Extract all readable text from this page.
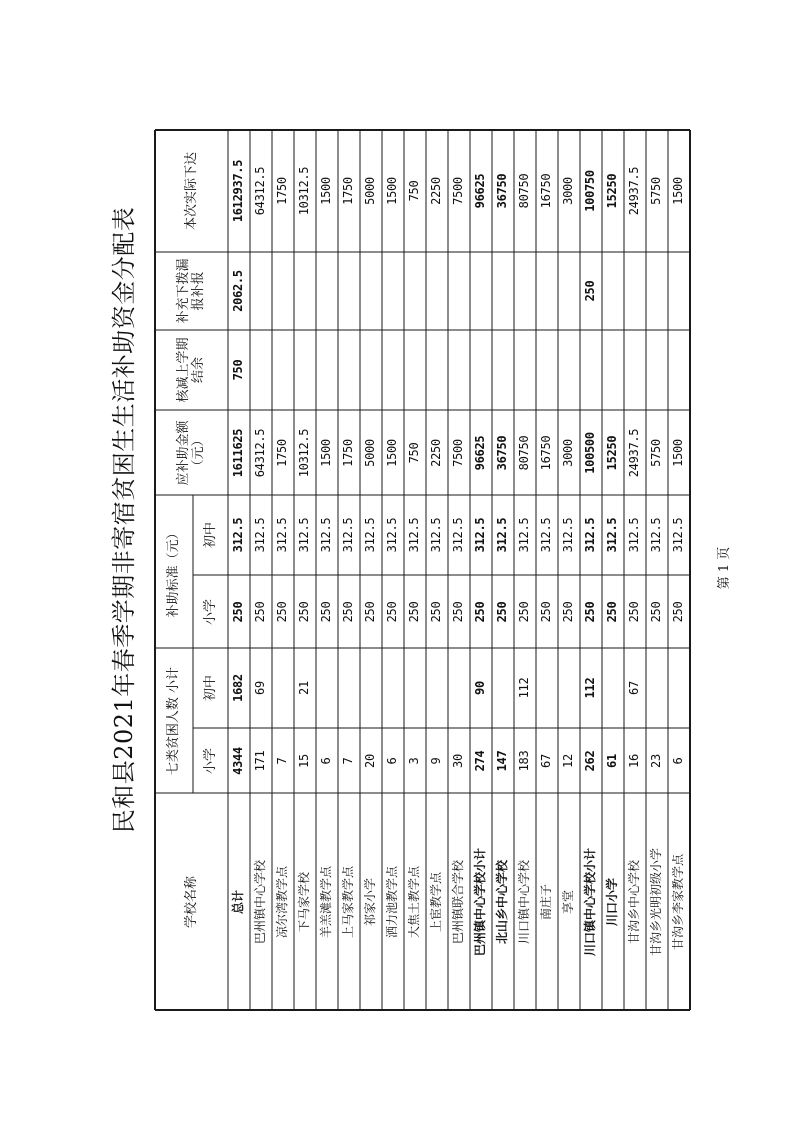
民和县2021年春季学期非寄宿贫困生生活补助资金分配表
学校名称
七类贫困人数 小计	小学
初中
补助标准（元）	小学
初中
应补助金额（元）
核减上学期结余
补充下拨漏报补报
本次实际下达
总计
4344
1682
250
312.5
1611625
750
2062.5
1612937.5
巴州镇中心学校
171
69
250
312.5
64312.5
64312.5
凉尔湾教学点
7
250
312.5
1750
1750
下马家学校
15
21
250
312.5
10312.5
10312.5
羊羔滩教学点
6
250
312.5
1500
1500
上马家教学点
7
250
312.5
1750
1750
祁家小学
20
250
312.5
5000
5000
洒力池教学点
6
250
312.5
1500
1500
大焦土教学点
3
250
312.5
750
750
上宦教学点
9
250
312.5
2250
2250
巴州镇联合学校
30
250
312.5
7500
7500
巴州镇中心学校小计
274
90
250
312.5
96625
96625
北山乡中心学校
147
250
312.5
36750
36750
川口镇中心学校
183
112
250
312.5
80750
80750
南庄子
67
250
312.5
16750
16750
享堂
12
250
312.5
3000
3000
川口镇中心学校小计
262
112
250
312.5
100500
250
100750
川口小学
61
250
312.5
15250
15250
甘沟乡中心学校
16
67
250
312.5
24937.5
24937.5
甘沟乡光明初级小学
23
250
312.5
5750
5750
甘沟乡李家教学点
6
250
312.5
1500
1500
第 1 页
